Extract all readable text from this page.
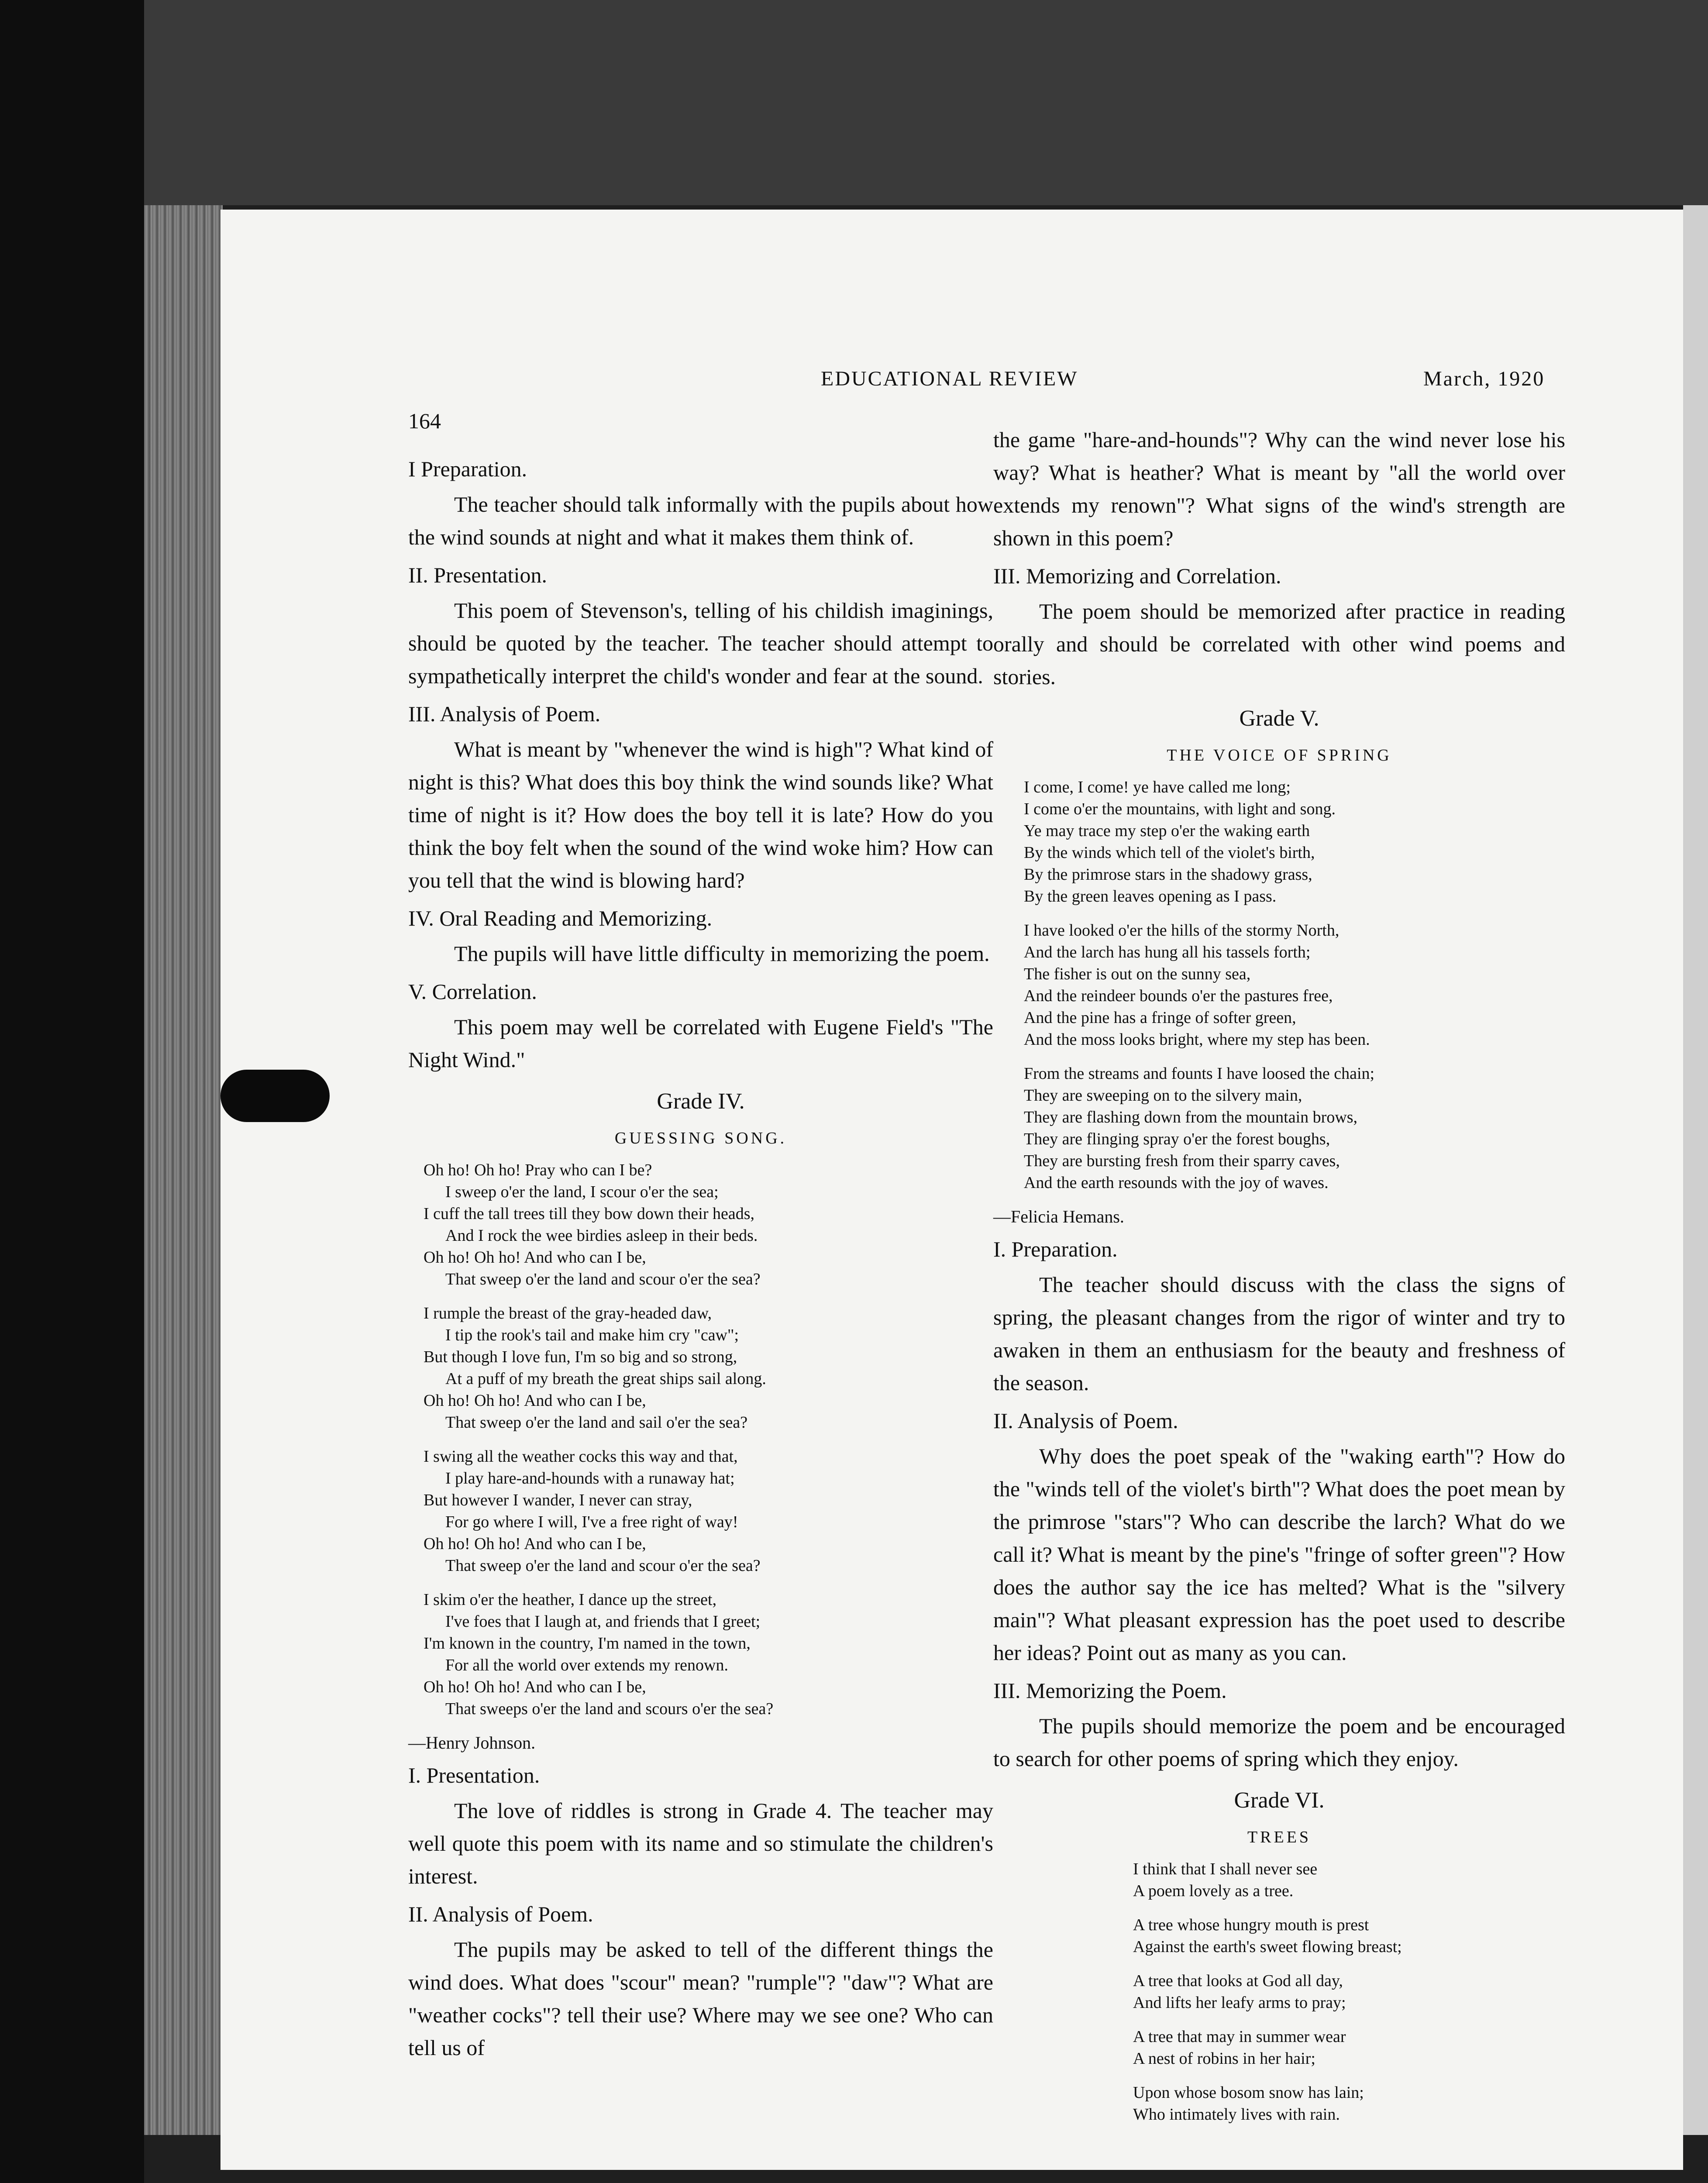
164
EDUCATIONAL REVIEW	March, 1920

I Preparation.

The teacher should talk informally with the pupils about how the wind sounds at night and what it makes them think of.

II. Presentation.

This poem of Stevenson's, telling of his childish imaginings, should be quoted by the teacher. The teacher should attempt to sympathetically interpret the child's wonder and fear at the sound.

III. Analysis of Poem.

What is meant by "whenever the wind is high"? What kind of night is this? What does this boy think the wind sounds like? What time of night is it? How does the boy tell it is late? How do you think the boy felt when the sound of the wind woke him? How can you tell that the wind is blowing hard?

IV. Oral Reading and Memorizing.

The pupils will have little difficulty in memorizing the poem.

V. Correlation.

This poem may well be correlated with Eugene Field's "The Night Wind."

Grade IV.

GUESSING SONG.

Oh ho! Oh ho! Pray who can I be?
I sweep o'er the land, I scour o'er the sea;
I cuff the tall trees till they bow down their heads,
And I rock the wee birdies asleep in their beds.
Oh ho! Oh ho! And who can I be,
That sweep o'er the land and scour o'er the sea?
I rumple the breast of the gray-headed daw,
I tip the rook's tail and make him cry "caw";
But though I love fun, I'm so big and so strong,
At a puff of my breath the great ships sail along.
Oh ho! Oh ho! And who can I be,
That sweep o'er the land and sail o'er the sea?
I swing all the weather cocks this way and that,
I play hare-and-hounds with a runaway hat;
But however I wander, I never can stray,
For go where I will, I've a free right of way!
Oh ho! Oh ho! And who can I be,
That sweep o'er the land and scour o'er the sea?
I skim o'er the heather, I dance up the street,
I've foes that I laugh at, and friends that I greet;
I'm known in the country, I'm named in the town,
For all the world over extends my renown.
Oh ho! Oh ho! And who can I be,
That sweeps o'er the land and scours o'er the sea?

—Henry Johnson.

I. Presentation.

The love of riddles is strong in Grade 4. The teacher may well quote this poem with its name and so stimulate the children's interest.

II. Analysis of Poem.

The pupils may be asked to tell of the different things the wind does. What does "scour" mean? "rumple"? "daw"? What are "weather cocks"? tell their use? Where may we see one? Who can tell us of

the game "hare-and-hounds"? Why can the wind never lose his way? What is heather? What is meant by "all the world over extends my renown"? What signs of the wind's strength are shown in this poem?

III. Memorizing and Correlation.

The poem should be memorized after practice in reading orally and should be correlated with other wind poems and stories.

Grade V.

THE VOICE OF SPRING

I come, I come! ye have called me long;
I come o'er the mountains, with light and song.
Ye may trace my step o'er the waking earth
By the winds which tell of the violet's birth,
By the primrose stars in the shadowy grass,
By the green leaves opening as I pass.
I have looked o'er the hills of the stormy North,
And the larch has hung all his tassels forth;
The fisher is out on the sunny sea,
And the reindeer bounds o'er the pastures free,
And the pine has a fringe of softer green,
And the moss looks bright, where my step has been.
From the streams and founts I have loosed the chain;
They are sweeping on to the silvery main,
They are flashing down from the mountain brows,
They are flinging spray o'er the forest boughs,
They are bursting fresh from their sparry caves,
And the earth resounds with the joy of waves.

—Felicia Hemans.

I. Preparation.

The teacher should discuss with the class the signs of spring, the pleasant changes from the rigor of winter and try to awaken in them an enthusiasm for the beauty and freshness of the season.

II. Analysis of Poem.

Why does the poet speak of the "waking earth"? How do the "winds tell of the violet's birth"? What does the poet mean by the primrose "stars"? Who can describe the larch? What do we call it? What is meant by the pine's "fringe of softer green"? How does the author say the ice has melted? What is the "silvery main"? What pleasant expression has the poet used to describe her ideas? Point out as many as you can.

III. Memorizing the Poem.

The pupils should memorize the poem and be encouraged to search for other poems of spring which they enjoy.

Grade VI.

TREES

I think that I shall never see
A poem lovely as a tree.
A tree whose hungry mouth is prest
Against the earth's sweet flowing breast;
A tree that looks at God all day,
And lifts her leafy arms to pray;
A tree that may in summer wear
A nest of robins in her hair;
Upon whose bosom snow has lain;
Who intimately lives with rain.
